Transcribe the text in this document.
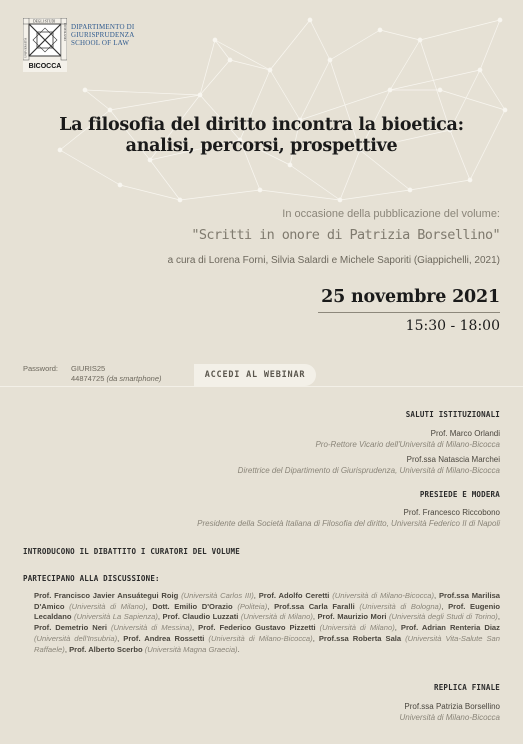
UNIVERSITÀ
DEGLI STUDI
DI MILANO
BICOCCA
DIPARTIMENTO DI
GIURISPRUDENZA
SCHOOL OF LAW
La filosofia del diritto incontra la bioetica:
analisi, percorsi, prospettive
In occasione della pubblicazione del volume:
"Scritti in onore di Patrizia Borsellino"
a cura di Lorena Forni, Silvia Salardi e Michele Saporiti (Giappichelli, 2021)
25 novembre 2021
15:30 - 18:00
Password: GIURIS25
44874725 (da smartphone)	ACCEDI AL WEBINAR
SALUTI ISTITUZIONALI
Prof. Marco Orlandi
Pro-Rettore Vicario dell'Università di Milano-Bicocca
Prof.ssa Natascia Marchei
Direttrice del Dipartimento di Giurisprudenza, Università di Milano-Bicocca
PRESIEDE E MODERA
Prof. Francesco Riccobono
Presidente della Società Italiana di Filosofia del diritto, Università Federico II di Napoli
INTRODUCONO IL DIBATTITO I CURATORI DEL VOLUME
PARTECIPANO ALLA DISCUSSIONE:
Prof. Francisco Javier Ansuátegui Roig (Università Carlos III), Prof. Adolfo Ceretti (Università di Milano-Bicocca), Prof.ssa Marilisa D'Amico (Università di Milano), Dott. Emilio D'Orazio (Politeia), Prof.ssa Carla Faralli (Università di Bologna), Prof. Eugenio Lecaldano (Università La Sapienza), Prof. Claudio Luzzati (Università di Milano), Prof. Maurizio Mori (Università degli Studi di Torino), Prof. Demetrio Neri (Università di Messina), Prof. Federico Gustavo Pizzetti (Università di Milano), Prof. Adrian Renteria Diaz (Università dell'Insubria), Prof. Andrea Rossetti (Università di Milano-Bicocca), Prof.ssa Roberta Sala (Università Vita-Salute San Raffaele), Prof. Alberto Scerbo (Università Magna Graecia).
REPLICA FINALE
Prof.ssa Patrizia Borsellino
Università di Milano-Bicocca
